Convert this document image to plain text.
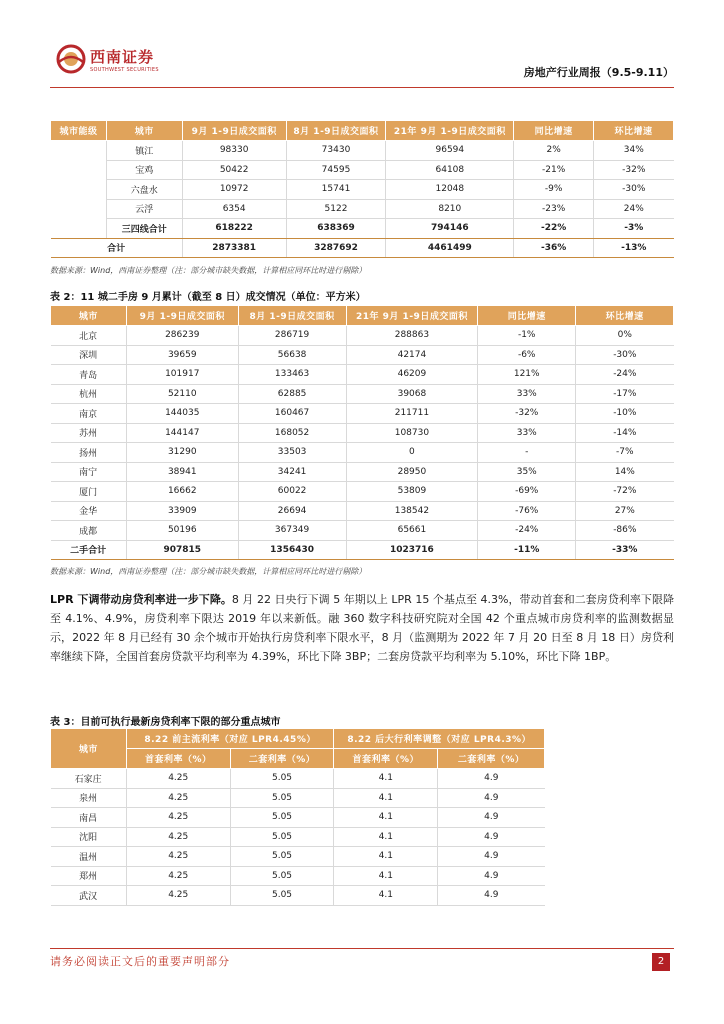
西南证券
SOUTHWEST SECURITIES	房地产行业周报（9.5-9.11）
城市能级	城市	9月 1-9日成交面积	8月 1-9日成交面积	21年 9月 1-9日成交面积	同比增速	环比增速
	镇江	98330	73430	96594	2%	34%
	宝鸡	50422	74595	64108	-21%	-32%
	六盘水	10972	15741	12048	-9%	-30%
	云浮	6354	5122	8210	-23%	24%
	三四线合计	618222	638369	794146	-22%	-3%
合计		2873381	3287692	4461499	-36%	-13%
数据来源：Wind，西南证券整理（注：部分城市缺失数据，计算相应同环比时进行剔除）
表 2：11 城二手房 9 月累计（截至 8 日）成交情况（单位：平方米）
城市	9月 1-9日成交面积	8月 1-9日成交面积	21年 9月 1-9日成交面积	同比增速	环比增速
北京	286239	286719	288863	-1%	0%
深圳	39659	56638	42174	-6%	-30%
青岛	101917	133463	46209	121%	-24%
杭州	52110	62885	39068	33%	-17%
南京	144035	160467	211711	-32%	-10%
苏州	144147	168052	108730	33%	-14%
扬州	31290	33503	0	-	-7%
南宁	38941	34241	28950	35%	14%
厦门	16662	60022	53809	-69%	-72%
金华	33909	26694	138542	-76%	27%
成都	50196	367349	65661	-24%	-86%
二手合计	907815	1356430	1023716	-11%	-33%
数据来源：Wind，西南证券整理（注：部分城市缺失数据，计算相应同环比时进行剔除）
LPR 下调带动房贷利率进一步下降。8 月 22 日央行下调 5 年期以上 LPR 15 个基点至 4.3%，带动首套和二套房贷利率下限降至 4.1%、4.9%，房贷利率下限达 2019 年以来新低。融 360 数字科技研究院对全国 42 个重点城市房贷利率的监测数据显示，2022 年 8 月已经有 30 余个城市开始执行房贷利率下限水平，8 月（监测期为 2022 年 7 月 20 日至 8 月 18 日）房贷利率继续下降，全国首套房贷款平均利率为 4.39%，环比下降 3BP；二套房贷款平均利率为 5.10%，环比下降 1BP。
表 3：目前可执行最新房贷利率下限的部分重点城市
城市	8.22 前主流利率（对应 LPR4.45%）		8.22 后大行利率调整（对应 LPR4.3%）	
	首套利率（%）	二套利率（%）	首套利率（%）	二套利率（%）
石家庄	4.25	5.05	4.1	4.9
泉州	4.25	5.05	4.1	4.9
南昌	4.25	5.05	4.1	4.9
沈阳	4.25	5.05	4.1	4.9
温州	4.25	5.05	4.1	4.9
郑州	4.25	5.05	4.1	4.9
武汉	4.25	5.05	4.1	4.9
请务必阅读正文后的重要声明部分	2
